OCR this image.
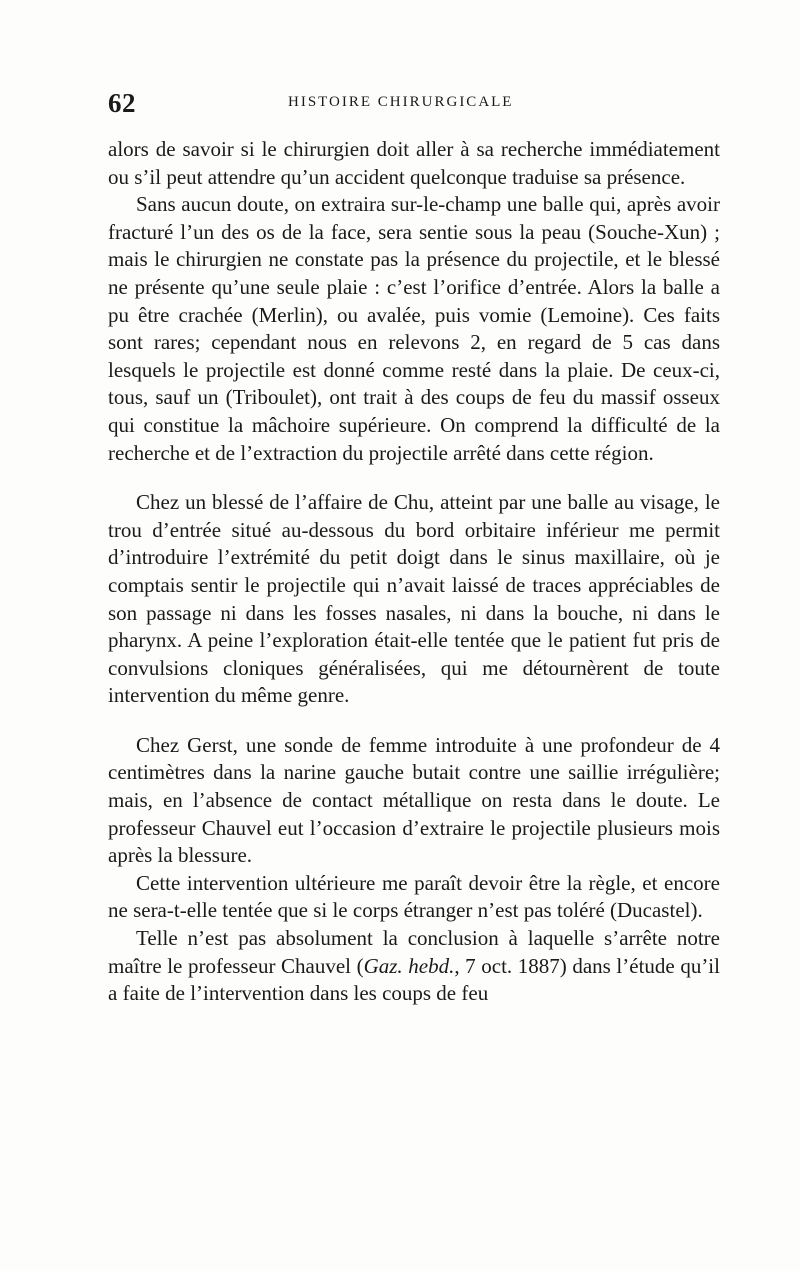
62	HISTOIRE CHIRURGICALE

alors de savoir si le chirurgien doit aller à sa recherche immédiatement ou s’il peut attendre qu’un accident quelconque traduise sa présence.

Sans aucun doute, on extraira sur-le-champ une balle qui, après avoir fracturé l’un des os de la face, sera sentie sous la peau (Souche-Xun) ; mais le chirurgien ne constate pas la présence du projectile, et le blessé ne présente qu’une seule plaie : c’est l’orifice d’entrée. Alors la balle a pu être crachée (Merlin), ou avalée, puis vomie (Lemoine). Ces faits sont rares; cependant nous en relevons 2, en regard de 5 cas dans lesquels le projectile est donné comme resté dans la plaie. De ceux-ci, tous, sauf un (Triboulet), ont trait à des coups de feu du massif osseux qui constitue la mâchoire supérieure. On comprend la difficulté de la recherche et de l’extraction du projectile arrêté dans cette région.

Chez un blessé de l’affaire de Chu, atteint par une balle au visage, le trou d’entrée situé au-dessous du bord orbitaire inférieur me permit d’introduire l’extrémité du petit doigt dans le sinus maxillaire, où je comptais sentir le projectile qui n’avait laissé de traces appréciables de son passage ni dans les fosses nasales, ni dans la bouche, ni dans le pharynx. A peine l’exploration était-elle tentée que le patient fut pris de convulsions cloniques généralisées, qui me détournèrent de toute intervention du même genre.

Chez Gerst, une sonde de femme introduite à une profondeur de 4 centimètres dans la narine gauche butait contre une saillie irrégulière; mais, en l’absence de contact métallique on resta dans le doute. Le professeur Chauvel eut l’occasion d’extraire le projectile plusieurs mois après la blessure.

Cette intervention ultérieure me paraît devoir être la règle, et encore ne sera-t-elle tentée que si le corps étranger n’est pas toléré (Ducastel).

Telle n’est pas absolument la conclusion à laquelle s’arrête notre maître le professeur Chauvel (Gaz. hebd., 7 oct. 1887) dans l’étude qu’il a faite de l’intervention dans les coups de feu
